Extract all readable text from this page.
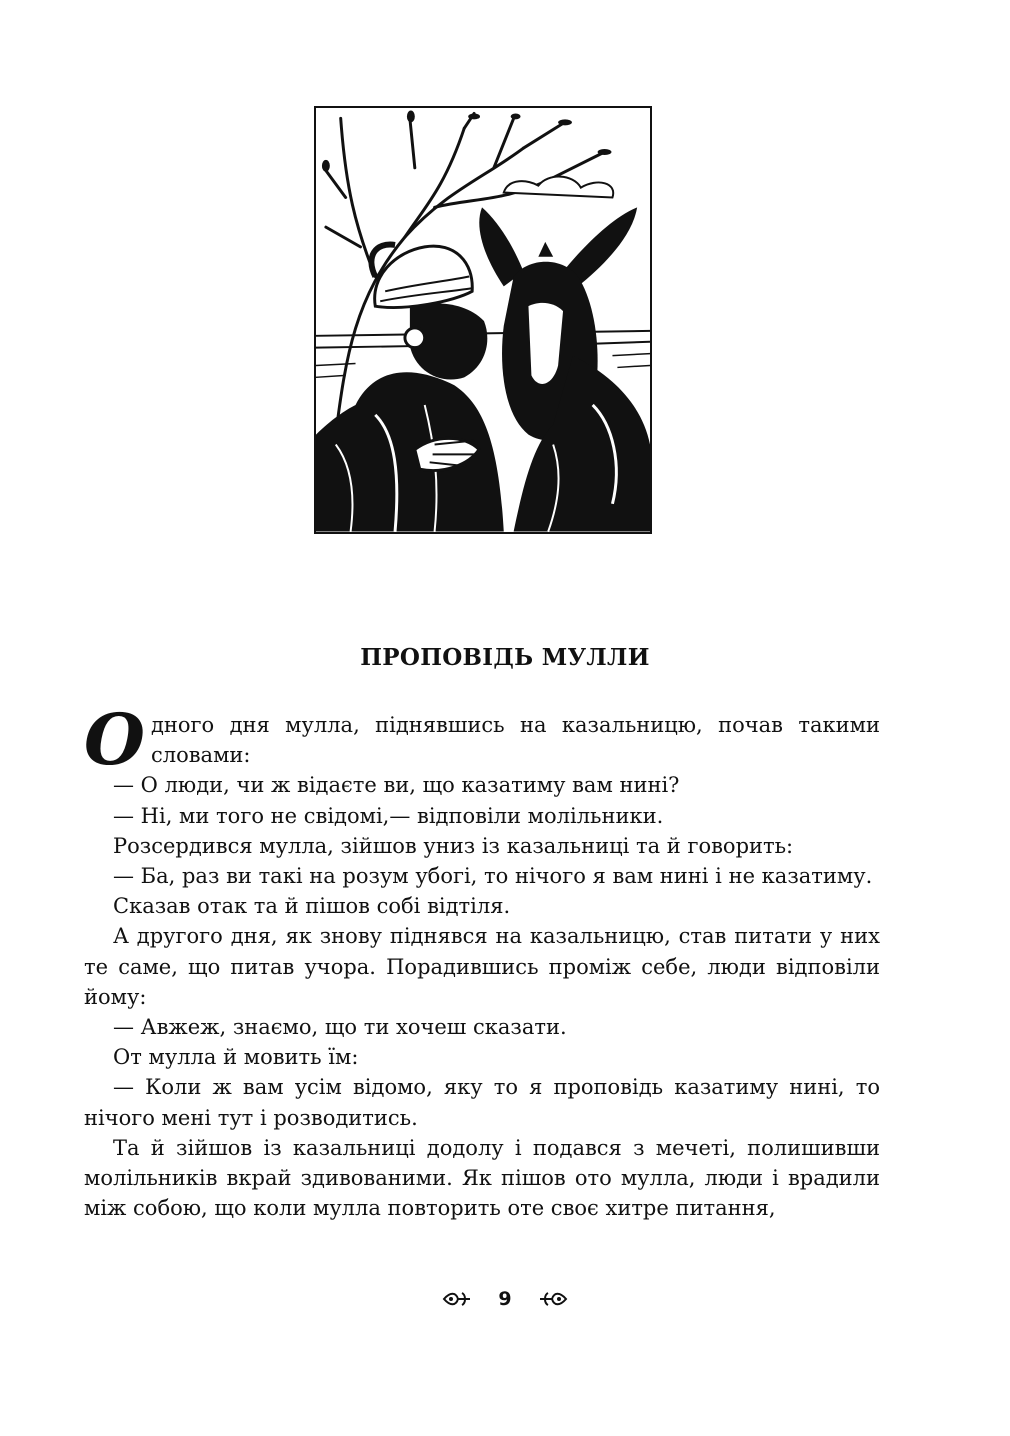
ПРОПОВІДЬ МУЛЛИ

Одного дня мулла, піднявшись на казальницю, почав такими словами:

— О люди, чи ж відаєте ви, що казатиму вам нині?

— Ні, ми того не свідомі,— відповіли молільники.

Розсердився мулла, зійшов униз із казальниці та й говорить:

— Ба, раз ви такі на розум убогі, то нічого я вам нині і не казатиму.

Сказав отак та й пішов собі відтіля.

А другого дня, як знову піднявся на казальницю, став питати у них те саме, що питав учора. Порадившись проміж себе, люди відповіли йому:

— Авжеж, знаємо, що ти хочеш сказати.

От мулла й мовить їм:

— Коли ж вам усім відомо, яку то я проповідь казатиму нині, то нічого мені тут і розводитись.

Та й зійшов із казальниці додолу і подався з мечеті, полишивши молільників вкрай здивованими. Як пішов ото мулла, люди і врадили між собою, що коли мулла повторить оте своє хитре питання,

9
